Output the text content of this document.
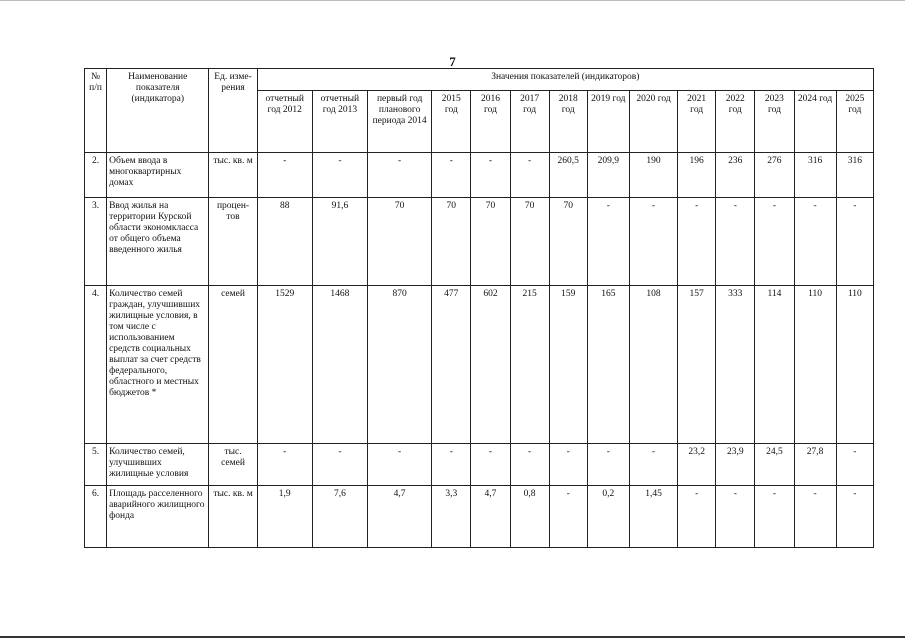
7
№ п/п	Наименование показателя (индикатора)	Ед. изме-рения	Значения показателей (индикаторов)													
			отчетный год 2012	отчетный год 2013	первый год планового периода 2014	2015 год	2016 год	2017 год	2018 год	2019 год	2020 год	2021 год	2022 год	2023 год	2024 год	2025 год
2.	Объем ввода в многоквартирных домах	тыс. кв. м	-	-	-	-	-	-	260,5	209,9	190	196	236	276	316	316
3.	Ввод жилья на территории Курской области экономкласса от общего объема введенного жилья	процен-тов	88	91,6	70	70	70	70	70	-	-	-	-	-	-	-
4.	Количество семей граждан, улучшивших жилищные условия, в том числе с использованием средств социальных выплат за счет средств федерального, областного и местных бюджетов *	семей	1529	1468	870	477	602	215	159	165	108	157	333	114	110	110
5.	Количество семей, улучшивших жилищные условия	тыс. семей	-	-	-	-	-	-	-	-	-	23,2	23,9	24,5	27,8	-
6.	Площадь расселенного аварийного жилищного фонда	тыс. кв. м	1,9	7,6	4,7	3,3	4,7	0,8	-	0,2	1,45	-	-	-	-	-
